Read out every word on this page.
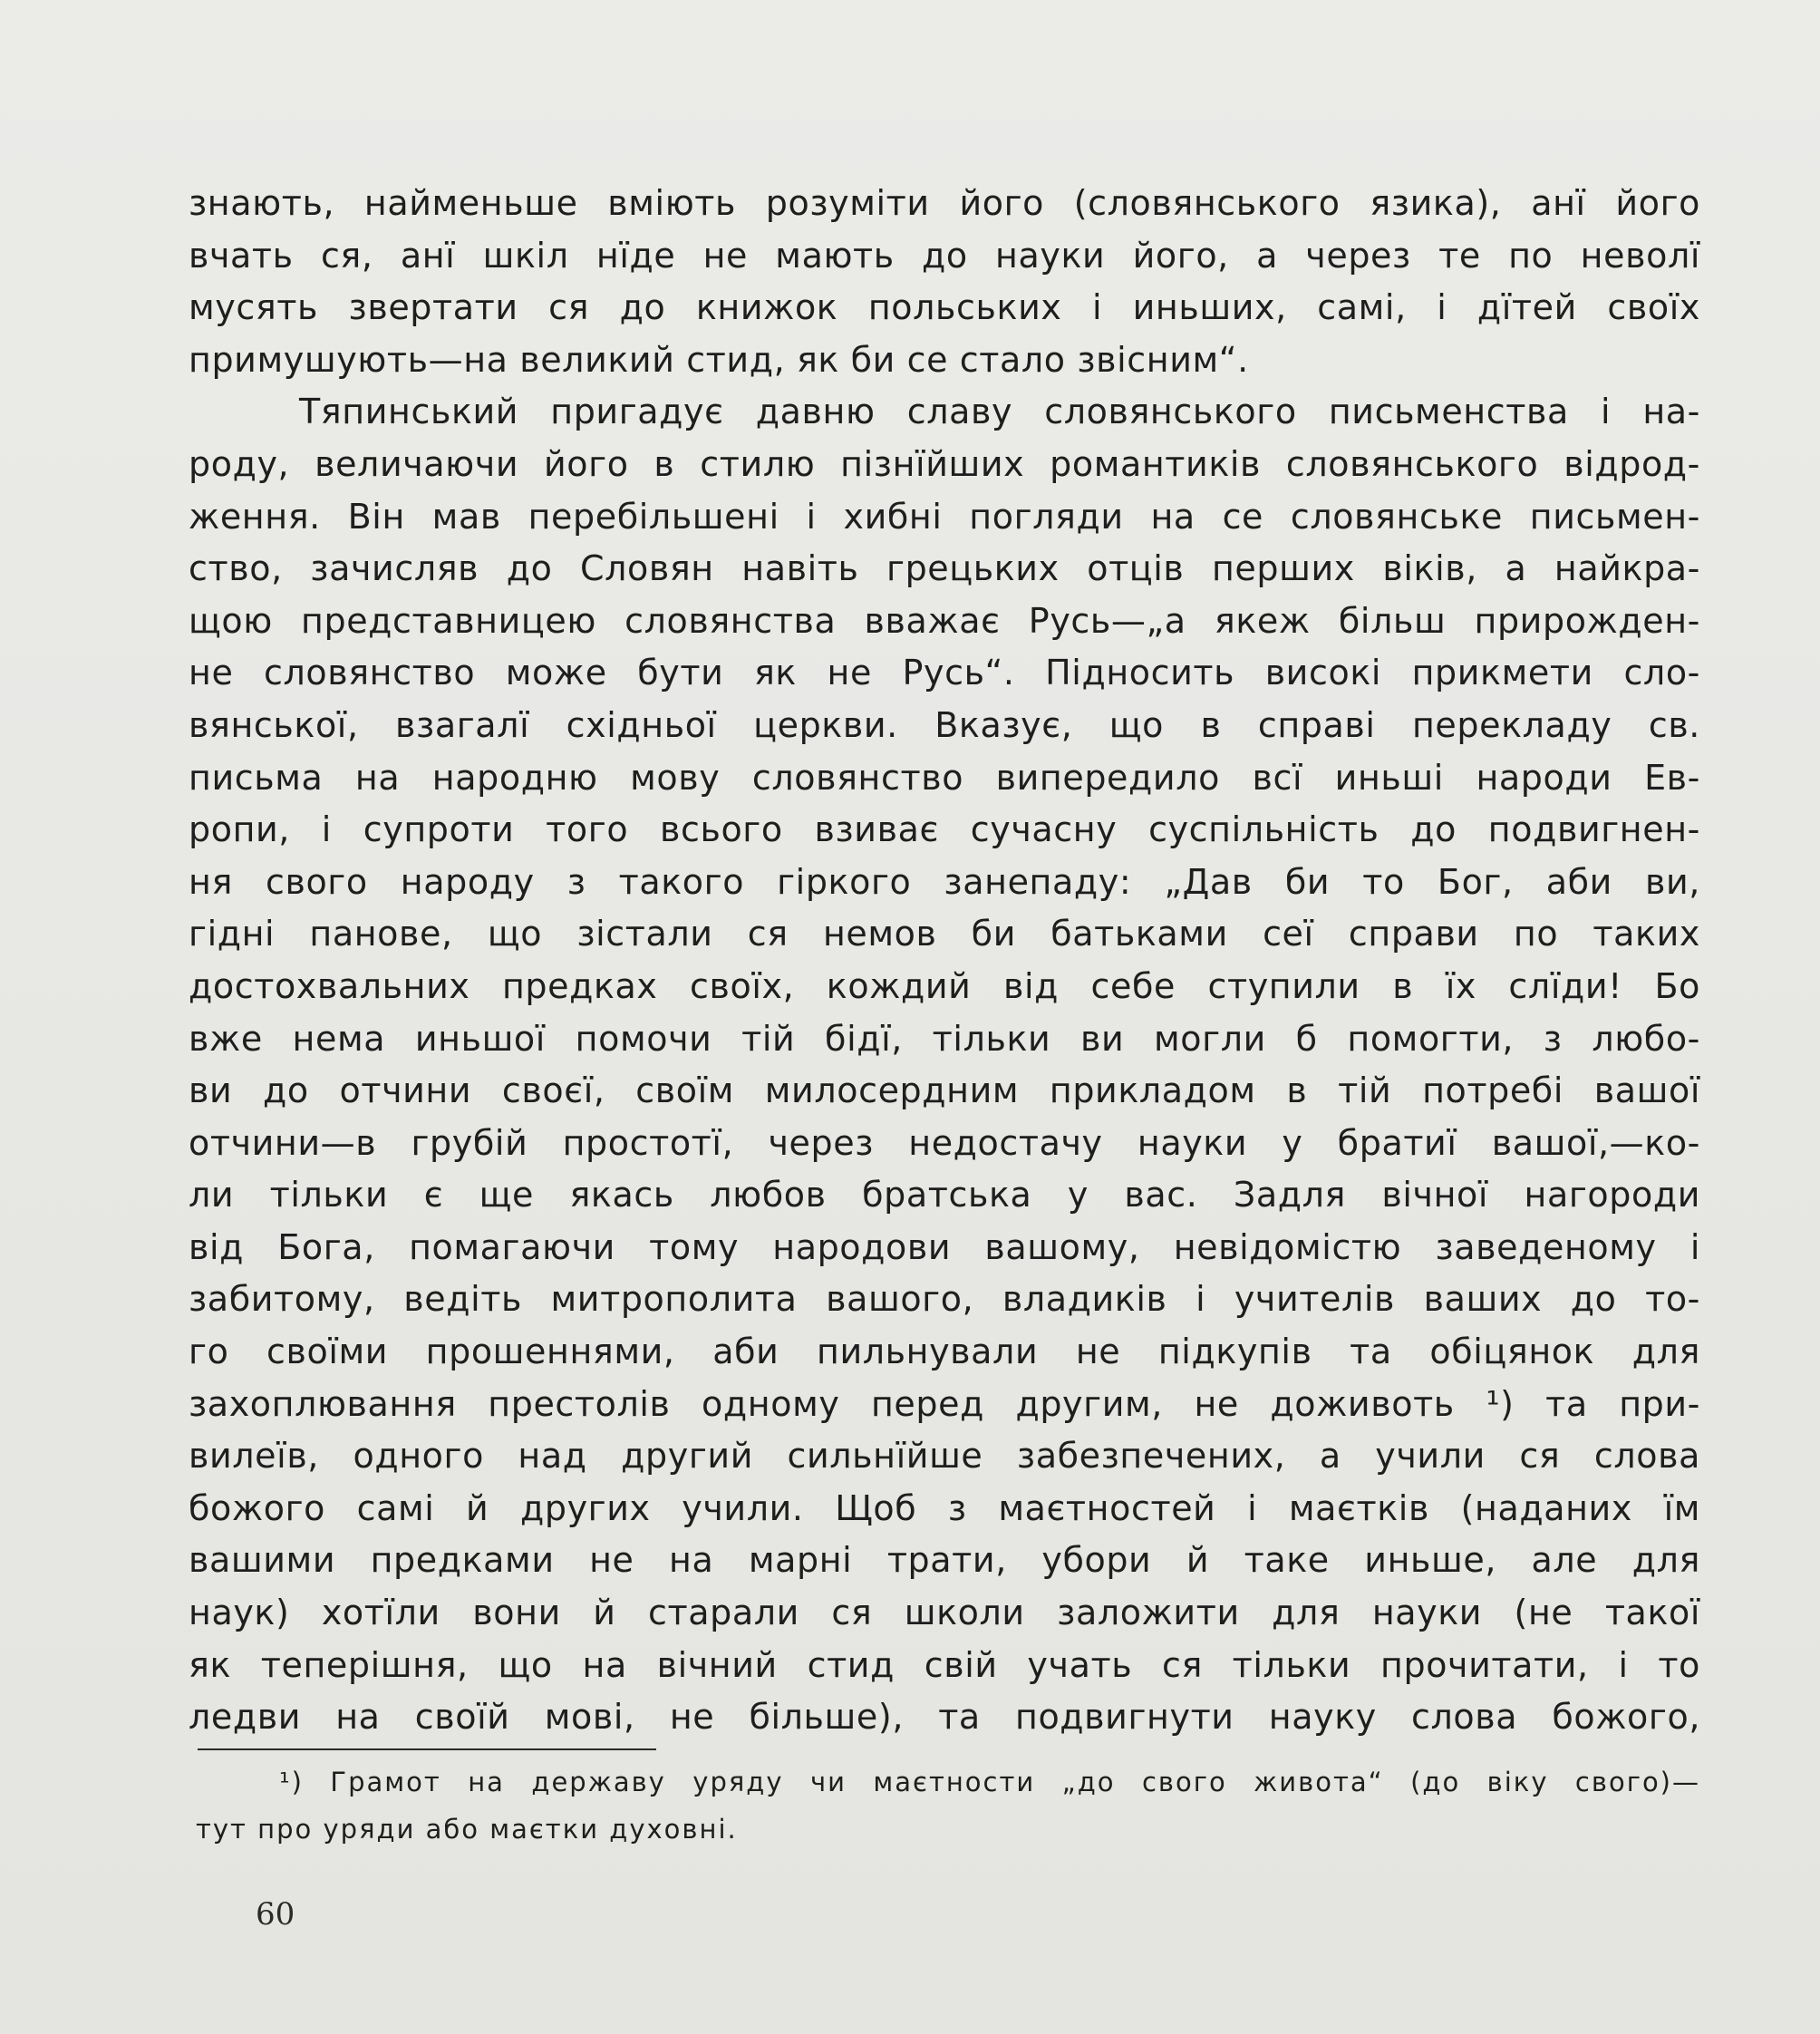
знають, найменьше вміють розуміти його (словянського язика), анї його
вчать ся, анї шкіл нїде не мають до науки його, а через те по неволї
мусять звертати ся до книжок польських і иньших, самі, і дїтей своїх
примушують—на великий стид, як би се стало звісним“.
Тяпинський пригадує давню славу словянського письменства і на-
роду, величаючи його в стилю пізнїйших романтиків словянського відрод-
ження. Він мав перебільшені і хибні погляди на се словянське письмен-
ство, зачисляв до Словян навіть грецьких отців перших віків, а найкра-
щою представницею словянства вважає Русь—„а якеж більш прирожден-
не словянство може бути як не Русь“. Підносить високі прикмети сло-
вянської, взагалї східньої церкви. Вказує, що в справі перекладу св.
письма на народню мову словянство випередило всї иньші народи Ев-
ропи, і супроти того всього взиває сучасну суспільність до подвигнен-
ня свого народу з такого гіркого занепаду: „Дав би то Бог, аби ви,
гідні панове, що зістали ся немов би батьками сеї справи по таких
достохвальних предках своїх, кождий від себе ступили в їх слїди! Бо
вже нема иньшої помочи тій бідї, тільки ви могли б помогти, з любо-
ви до отчини своєї, своїм милосердним прикладом в тій потребі вашої
отчини—в грубій простотї, через недостачу науки у братиї вашої,—ко-
ли тільки є ще якась любов братська у вас. Задля вічної нагороди
від Бога, помагаючи тому народови вашому, невідомістю заведеному і
забитому, ведіть митрополита вашого, владиків і учителів ваших до то-
го своїми прошеннями, аби пильнували не підкупів та обіцянок для
захоплювання престолів одному перед другим, не доживоть ¹) та при-
вилеїв, одного над другий сильнїйше забезпечених, а учили ся слова
божого самі й других учили. Щоб з маєтностей і маєтків (наданих їм
вашими предками не на марні трати, убори й таке иньше, але для
наук) хотїли вони й старали ся школи заложити для науки (не такої
як теперішня, що на вічний стид свій учать ся тільки прочитати, і то
ледви на своїй мові, не більше), та подвигнути науку слова божого,
¹) Грамот на державу уряду чи маєтности „до свого живота“ (до віку свого)—
тут про уряди або маєтки духовні.
60
